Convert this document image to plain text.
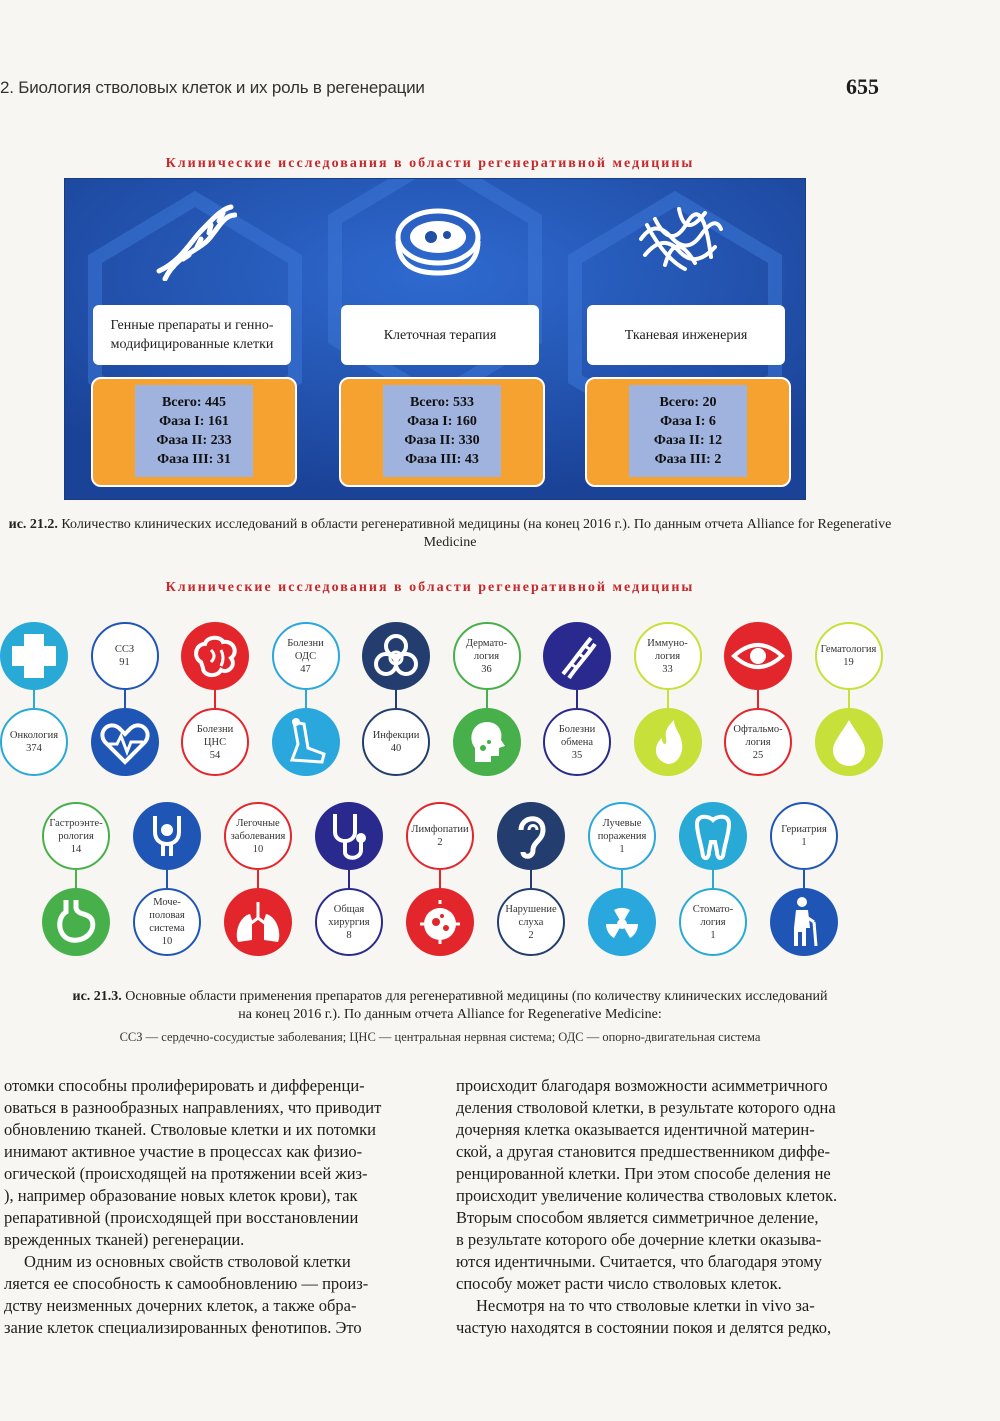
2. Биология стволовых клеток и их роль в регенерации	655
Клинические исследования в области регенеративной медицины
Генные препараты и генно-модифицированные клетки
Клеточная терапия	Тканевая инженерия
Всего: 445
Фаза I: 161
Фаза II: 233
Фаза III: 31
Всего: 533
Фаза I: 160
Фаза II: 330
Фаза III: 43
Всего: 20
Фаза I: 6
Фаза II: 12
Фаза III: 2
ис. 21.2. Количество клинических исследований в области регенеративной медицины (на конец 2016 г.). По данным отчета Alliance for Regenerative Medicine
Клинические исследования в области регенеративной медицины
Онкология
374
ССЗ
91
Болезни
ЦНС
54
Болезни
ОДС
47
Инфекции
40
Дермато-
логия
36
Болезни
обмена
35
Иммуно-
логия
33
Офтальмо-
логия
25
Гематология
19
Гастроэнте-
рология
14
Моче-
половая
система
10
Легочные
заболевания
10
Общая
хирургия
8
Лимфопатии
2
Нарушение
слуха
2
Лучевые
поражения
1
Стомато-
логия
1
Гериатрия
1
ис. 21.3. Основные области применения препаратов для регенеративной медицины (по количеству клинических исследований
на конец 2016 г.). По данным отчета Alliance for Regenerative Medicine:
ССЗ — сердечно-сосудистые заболевания; ЦНС — центральная нервная система; ОДС — опорно-двигательная система
отомки способны пролиферировать и дифференци-
оваться в разнообразных направлениях, что приводит
обновлению тканей. Стволовые клетки и их потомки
инимают активное участие в процессах как физио-
огической (происходящей на протяжении всей жиз-
), например образование новых клеток крови), так
репаративной (происходящей при восстановлении
врежденных тканей) регенерации.
Одним из основных свойств стволовой клетки
ляется ее способность к самообновлению — произ-
дству неизменных дочерних клеток, а также обра-
зание клеток специализированных фенотипов. Это
происходит благодаря возможности асимметричного
деления стволовой клетки, в результате которого одна
дочерняя клетка оказывается идентичной материн-
ской, а другая становится предшественником диффе-
ренцированной клетки. При этом способе деления не
происходит увеличение количества стволовых клеток.
Вторым способом является симметричное деление,
в результате которого обе дочерние клетки оказыва-
ются идентичными. Считается, что благодаря этому
способу может расти число стволовых клеток.
Несмотря на то что стволовые клетки in vivo за-
частую находятся в состоянии покоя и делятся редко,
